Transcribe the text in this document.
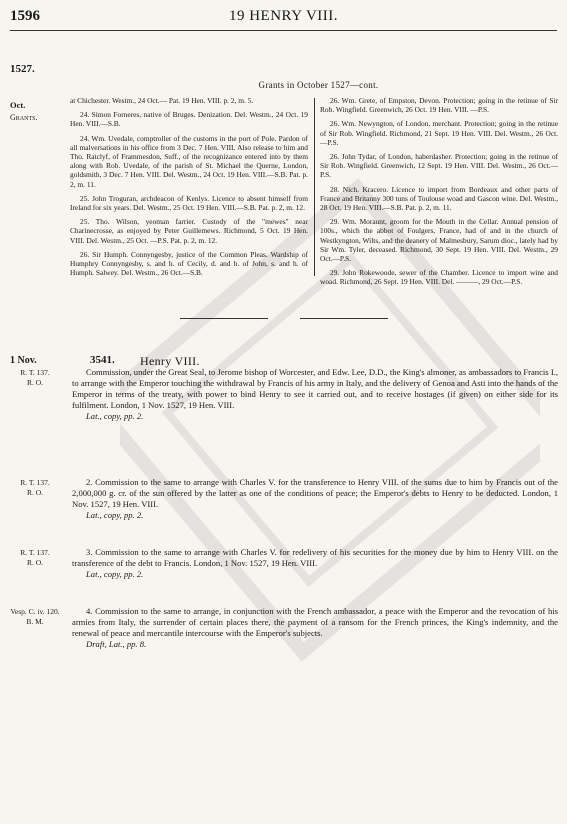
1596	19 HENRY VIII.
1527.
Grants in October 1527—cont.
Oct.
Grants.

at Chichester. Westm., 24 Oct.— Pat. 19 Hen. VIII. p. 2, m. 5.

24. Simon Forneres, native of Bruges. Denization. Del. Westm., 24 Oct. 19 Hen. VIII.—S.B.

24. Wm. Uvedale, comptroller of the customs in the port of Pole. Pardon of all malversations in his office from 3 Dec. 7 Hen. VIII. Also release to him and Tho. Ratclyf, of Frammesdon, Suff., of the recognizance entered into by them along with Rob. Uvedale, of the parish of St. Michael the Querne, London, goldsmith, 3 Dec. 7 Hen. VIII. Del. Westm., 24 Oct. 19 Hen. VIII.—S.B. Pat. p. 2, m. 11.

25. John Troguran, archdeacon of Kenlys. Licence to absent himself from Ireland for six years. Del. Westm., 25 Oct. 19 Hen. VIII.—S.B. Pat. p. 2, m. 12.

25. Tho. Wilson, yeoman farrier. Custody of the "mewes" near Charinecrosse, as enjoyed by Peter Guillemews. Richmond, 5 Oct. 19 Hen. VIII. Del. Westm., 25 Oct. —P.S. Pat. p. 2, m. 12.

26. Sir Humph. Connyngesby, justice of the Common Pleas. Wardship of Humphry Connyngesby, s. and h. of Cecily, d. and h. of John, s. and h. of Humph. Salwey. Del. Westm., 26 Oct.—S.B.

26. Wm. Grete, of Empston, Devon. Protection; going in the retinue of Sir Rob. Wingfield. Greenwich, 26 Oct. 19 Hen. VIII. —P.S.

26. Wm. Newyngton, of London, merchant. Protection; going in the retinue of Sir Rob. Wingfield. Richmond, 21 Sept. 19 Hen. VIII. Del. Westm., 26 Oct.—P.S.

26. John Tydar, of London, haberdasher. Protection; going in the retinue of Sir Rob. Wingfield. Greenwich, 12 Sept. 19 Hen. VIII. Del. Westm., 26 Oct.—P.S.

28. Nich. Kracero. Licence to import from Bordeaux and other parts of France and Britanny 300 tuns of Toulouse woad and Gascon wine. Del. Westm., 28 Oct. 19 Hen. VIII.—S.B. Pat. p. 2, m. 11.

29. Wm. Moraunt, groom for the Mouth in the Cellar. Annual pension of 100s., which the abbot of Foulgers, France, had of and in the church of Westkyngton, Wilts, and the deanery of Malmesbury, Sarum dioc., lately had by Sir Wm. Tyler, deceased. Richmond, 30 Sept. 19 Hen. VIII. Del. Westm., 29 Oct.—P.S.

29. John Rokewoode, sewer of the Chamber. Licence to import wine and woad. Richmond, 26 Sept. 19 Hen. VIII. Del. ———, 29 Oct.—P.S.

1 Nov.	3541. Henry VIII.
R. T. 137.
R. O.

Commission, under the Great Seal, to Jerome bishop of Worcester, and Edw. Lee, D.D., the King's almoner, as ambassadors to Francis I., to arrange with the Emperor touching the withdrawal by Francis of his army in Italy, and the delivery of Genoa and Asti into the hands of the Emperor in terms of the treaty, with power to bind Henry to see it carried out, and to receive hostages (if given) on either side for its fulfilment. London, 1 Nov. 1527, 19 Hen. VIII.

Lat., copy, pp. 2.

R. T. 137.
R. O.

2. Commission to the same to arrange with Charles V. for the transference to Henry VIII. of the sums due to him by Francis out of the 2,000,000 g. cr. of the sun offered by the latter as one of the conditions of peace; the Emperor's debts to Henry to be deducted. London, 1 Nov. 1527, 19 Hen. VIII.

Lat., copy, pp. 2.

R. T. 137.
R. O.

3. Commission to the same to arrange with Charles V. for redelivery of his securities for the money due by him to Henry VIII. on the transference of the debt to Francis. London, 1 Nov. 1527, 19 Hen. VIII.

Lat., copy, pp. 2.

Vesp. C. iv. 120.
B. M.

4. Commission to the same to arrange, in conjunction with the French ambassador, a peace with the Emperor and the revocation of his armies from Italy, the surrender of certain places there, the payment of a ransom for the French princes, the King's indemnity, and the renewal of peace and mercantile intercourse with the Emperor's subjects.

Draft, Lat., pp. 8.
